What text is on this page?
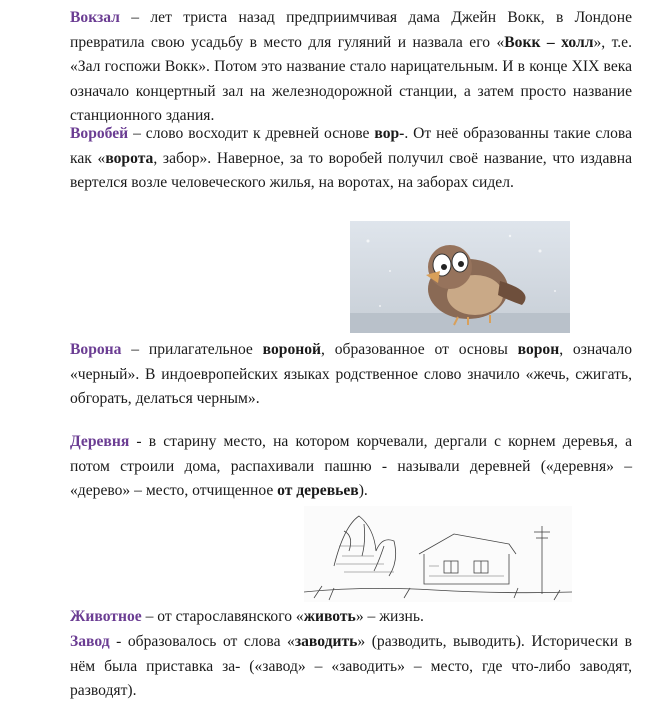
Вокзал – лет триста назад предприимчивая дама Джейн Вокк, в Лондоне превратила свою усадьбу в место для гуляний и назвала его «Вокк – холл», т.е. «Зал госпожи Вокк». Потом это название стало нарицательным. И в конце XIX века означало концертный зал на железнодорожной станции, а затем просто название станционного здания.

Воробей – слово восходит к древней основе вор-. От неё образованны такие слова как «ворота, забор». Наверное, за то воробей получил своё название, что издавна вертелся возле человеческого жилья, на воротах, на заборах сидел.

Ворона – прилагательное вороной, образованное от основы ворон, означало «черный». В индоевропейских языках родственное слово значило «жечь, сжигать, обгорать, делаться черным».

Деревня - в старину место, на котором корчевали, дергали с корнем деревья, а потом строили дома, распахивали пашню - называли деревней («деревня» – «дерево» – место, отчищенное от деревьев).

Животное – от старославянского «животь» – жизнь.

Завод - образовалось от слова «заводить» (разводить, выводить). Исторически в нём была приставка за- («завод» – «заводить» – место, где что-либо заводят, разводят).
